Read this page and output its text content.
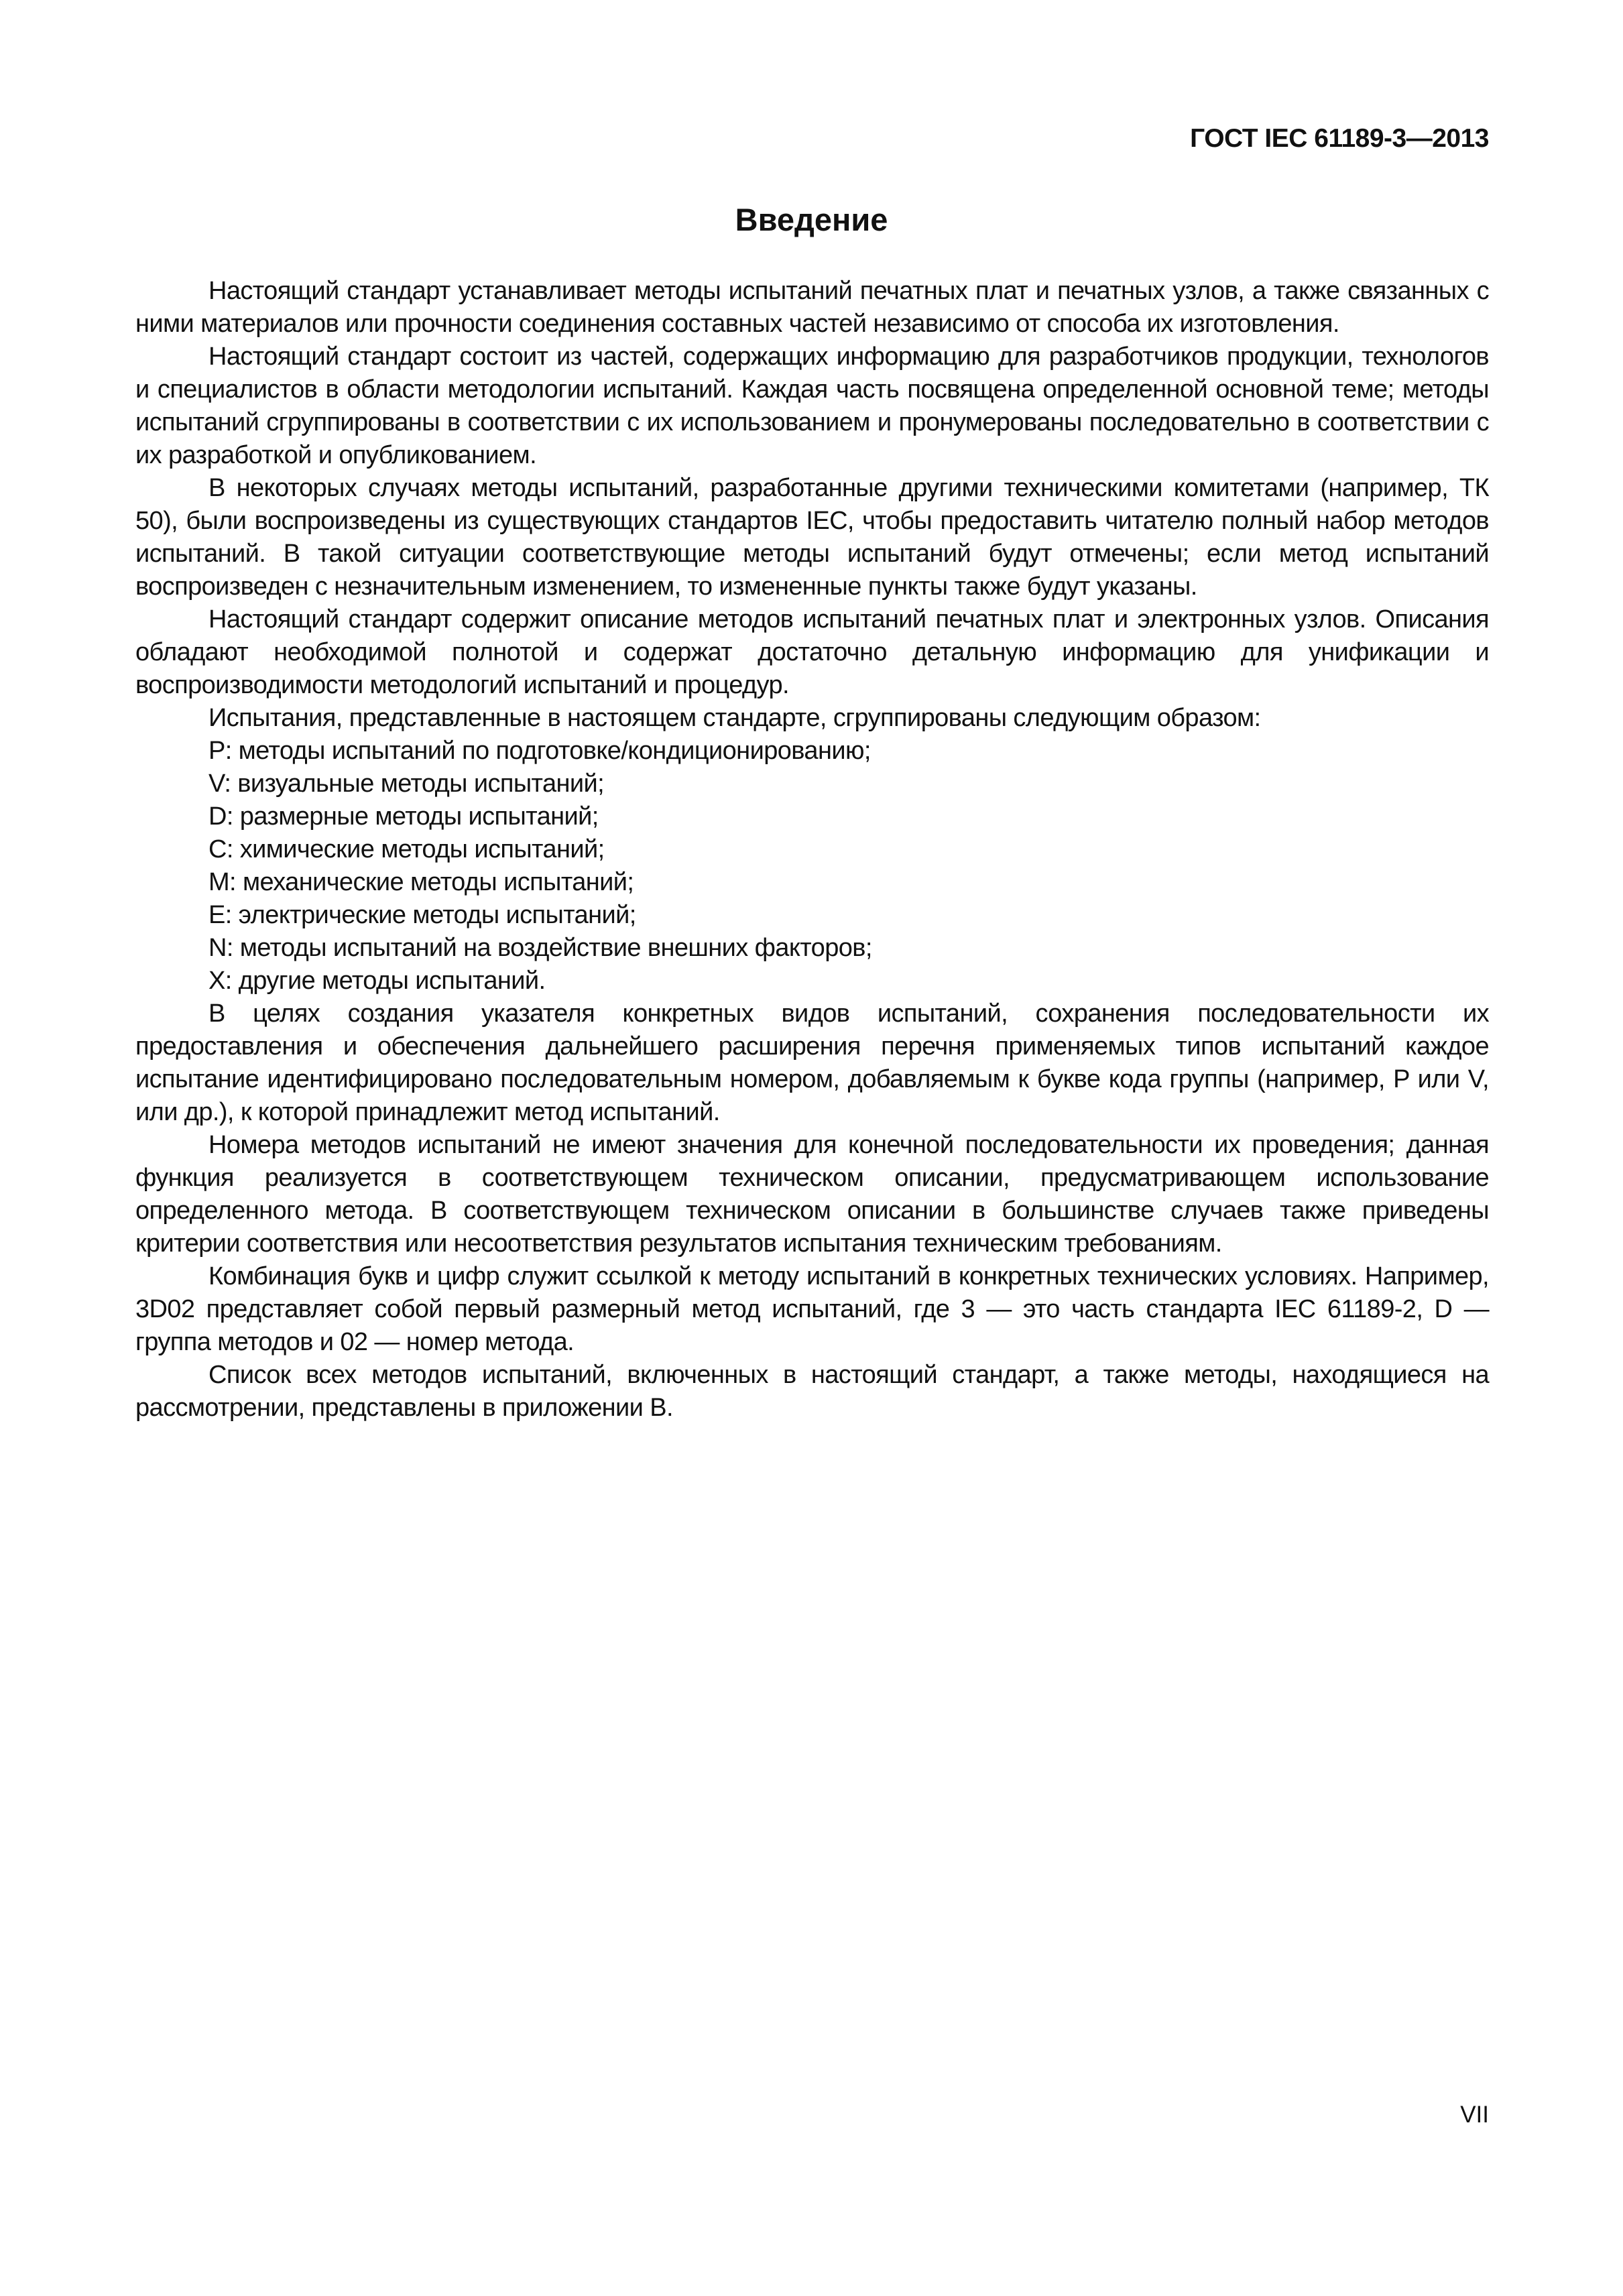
ГОСТ IEC 61189-3—2013
Введение

Настоящий стандарт устанавливает методы испытаний печатных плат и печатных узлов, а также связанных с ними материалов или прочности соединения составных частей независимо от способа их изготовления.

Настоящий стандарт состоит из частей, содержащих информацию для разработчиков продукции, технологов и специалистов в области методологии испытаний. Каждая часть посвящена определенной основной теме; методы испытаний сгруппированы в соответствии с их использованием и пронумерованы последовательно в соответствии с их разработкой и опубликованием.

В некоторых случаях методы испытаний, разработанные другими техническими комитетами (например, ТК 50), были воспроизведены из существующих стандартов IEC, чтобы предоставить читателю полный набор методов испытаний. В такой ситуации соответствующие методы испытаний будут отмечены; если метод испытаний воспроизведен с незначительным изменением, то измененные пункты также будут указаны.

Настоящий стандарт содержит описание методов испытаний печатных плат и электронных узлов. Описания обладают необходимой полнотой и содержат достаточно детальную информацию для унификации и воспроизводимости методологий испытаний и процедур.

Испытания, представленные в настоящем стандарте, сгруппированы следующим образом:

P: методы испытаний по подготовке/кондиционированию;

V: визуальные методы испытаний;

D: размерные методы испытаний;

C: химические методы испытаний;

M: механические методы испытаний;

E: электрические методы испытаний;

N: методы испытаний на воздействие внешних факторов;

X: другие методы испытаний.

В целях создания указателя конкретных видов испытаний, сохранения последовательности их предоставления и обеспечения дальнейшего расширения перечня применяемых типов испытаний каждое испытание идентифицировано последовательным номером, добавляемым к букве кода группы (например, P или V, или др.), к которой принадлежит метод испытаний.

Номера методов испытаний не имеют значения для конечной последовательности их проведения; данная функция реализуется в соответствующем техническом описании, предусматривающем использование определенного метода. В соответствующем техническом описании в большинстве случаев также приведены критерии соответствия или несоответствия результатов испытания техническим требованиям.

Комбинация букв и цифр служит ссылкой к методу испытаний в конкретных технических условиях. Например, 3D02 представляет собой первый размерный метод испытаний, где 3 — это часть стандарта IEC 61189-2, D — группа методов и 02 — номер метода.

Список всех методов испытаний, включенных в настоящий стандарт, а также методы, находящиеся на рассмотрении, представлены в приложении B.

VII
